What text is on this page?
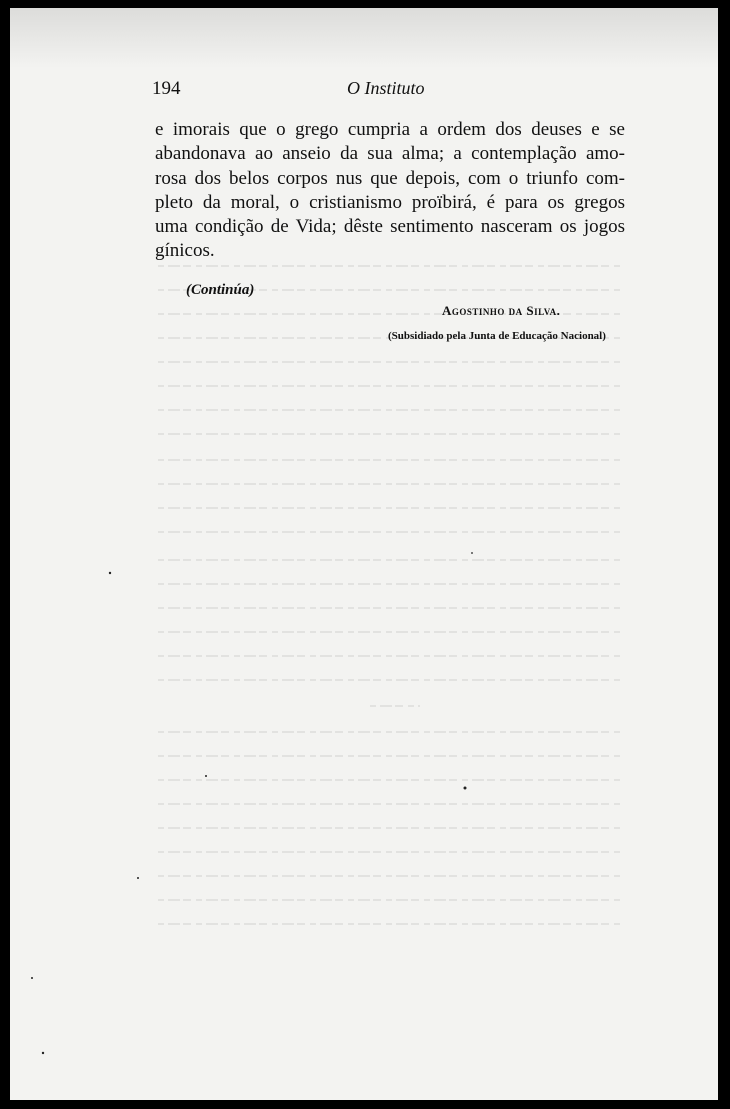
194	O Instituto
e imorais que o grego cumpria a ordem dos deuses e se
abandonava ao anseio da sua alma; a contemplação amo-
rosa dos belos corpos nus que depois, com o triunfo com-
pleto da moral, o cristianismo proïbirá, é para os gregos
uma condição de Vida; dêste sentimento nasceram os jogos
gínicos.
(Continúa)
Agostinho da Silva.
(Subsidiado pela Junta de Educação Nacional)
